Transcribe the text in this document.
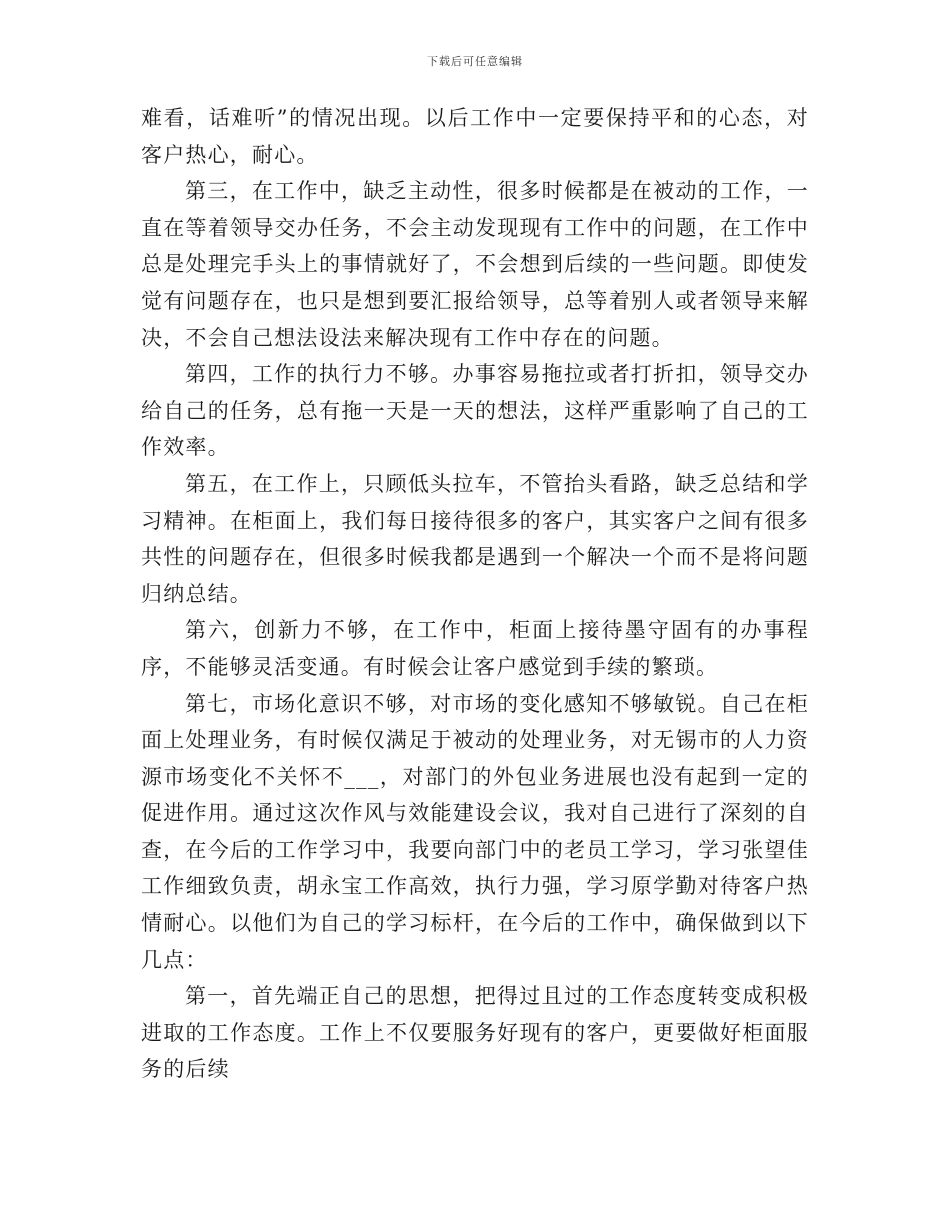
下载后可任意编辑

难看，话难听”的情况出现。以后工作中一定要保持平和的心态，对客户热心，耐心。

第三，在工作中，缺乏主动性，很多时候都是在被动的工作，一直在等着领导交办任务，不会主动发现现有工作中的问题，在工作中总是处理完手头上的事情就好了，不会想到后续的一些问题。即使发觉有问题存在，也只是想到要汇报给领导，总等着别人或者领导来解决，不会自己想法设法来解决现有工作中存在的问题。

第四，工作的执行力不够。办事容易拖拉或者打折扣，领导交办给自己的任务，总有拖一天是一天的想法，这样严重影响了自己的工作效率。

第五，在工作上，只顾低头拉车，不管抬头看路，缺乏总结和学习精神。在柜面上，我们每日接待很多的客户，其实客户之间有很多共性的问题存在，但很多时候我都是遇到一个解决一个而不是将问题归纳总结。

第六，创新力不够，在工作中，柜面上接待墨守固有的办事程序，不能够灵活变通。有时候会让客户感觉到手续的繁琐。

第七，市场化意识不够，对市场的变化感知不够敏锐。自己在柜面上处理业务，有时候仅满足于被动的处理业务，对无锡市的人力资源市场变化不关怀不___，对部门的外包业务进展也没有起到一定的促进作用。通过这次作风与效能建设会议，我对自己进行了深刻的自查，在今后的工作学习中，我要向部门中的老员工学习，学习张望佳工作细致负责，胡永宝工作高效，执行力强，学习原学勤对待客户热情耐心。以他们为自己的学习标杆，在今后的工作中，确保做到以下几点：

第一，首先端正自己的思想，把得过且过的工作态度转变成积极进取的工作态度。工作上不仅要服务好现有的客户，更要做好柜面服务的后续
